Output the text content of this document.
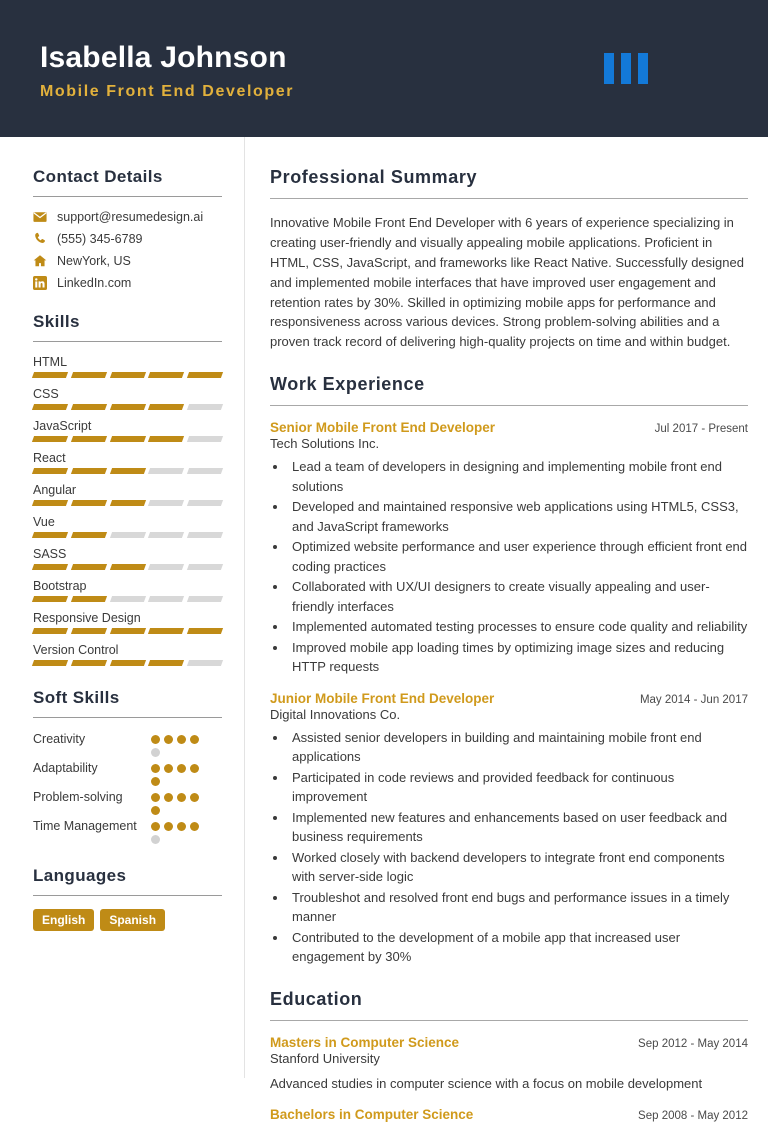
Isabella Johnson
Mobile Front End Developer
Contact Details
support@resumedesign.ai
(555) 345-6789
NewYork, US
LinkedIn.com
Skills
HTML
CSS
JavaScript
React
Angular
Vue
SASS
Bootstrap
Responsive Design
Version Control
Soft Skills
Creativity
Adaptability
Problem-solving
Time Management
Languages
English	Spanish
Professional Summary
Innovative Mobile Front End Developer with 6 years of experience specializing in creating user-friendly and visually appealing mobile applications. Proficient in HTML, CSS, JavaScript, and frameworks like React Native. Successfully designed and implemented mobile interfaces that have improved user engagement and retention rates by 30%. Skilled in optimizing mobile apps for performance and responsiveness across various devices. Strong problem-solving abilities and a proven track record of delivering high-quality projects on time and within budget.
Work Experience
Senior Mobile Front End Developer	Jul 2017 - Present
Tech Solutions Inc.
• Lead a team of developers in designing and implementing mobile front end solutions
• Developed and maintained responsive web applications using HTML5, CSS3, and JavaScript frameworks
• Optimized website performance and user experience through efficient front end coding practices
• Collaborated with UX/UI designers to create visually appealing and user-friendly interfaces
• Implemented automated testing processes to ensure code quality and reliability
• Improved mobile app loading times by optimizing image sizes and reducing HTTP requests
Junior Mobile Front End Developer	May 2014 - Jun 2017
Digital Innovations Co.
• Assisted senior developers in building and maintaining mobile front end applications
• Participated in code reviews and provided feedback for continuous improvement
• Implemented new features and enhancements based on user feedback and business requirements
• Worked closely with backend developers to integrate front end components with server-side logic
• Troubleshot and resolved front end bugs and performance issues in a timely manner
• Contributed to the development of a mobile app that increased user engagement by 30%
Education
Masters in Computer Science	Sep 2012 - May 2014
Stanford University
Advanced studies in computer science with a focus on mobile development
Bachelors in Computer Science	Sep 2008 - May 2012
